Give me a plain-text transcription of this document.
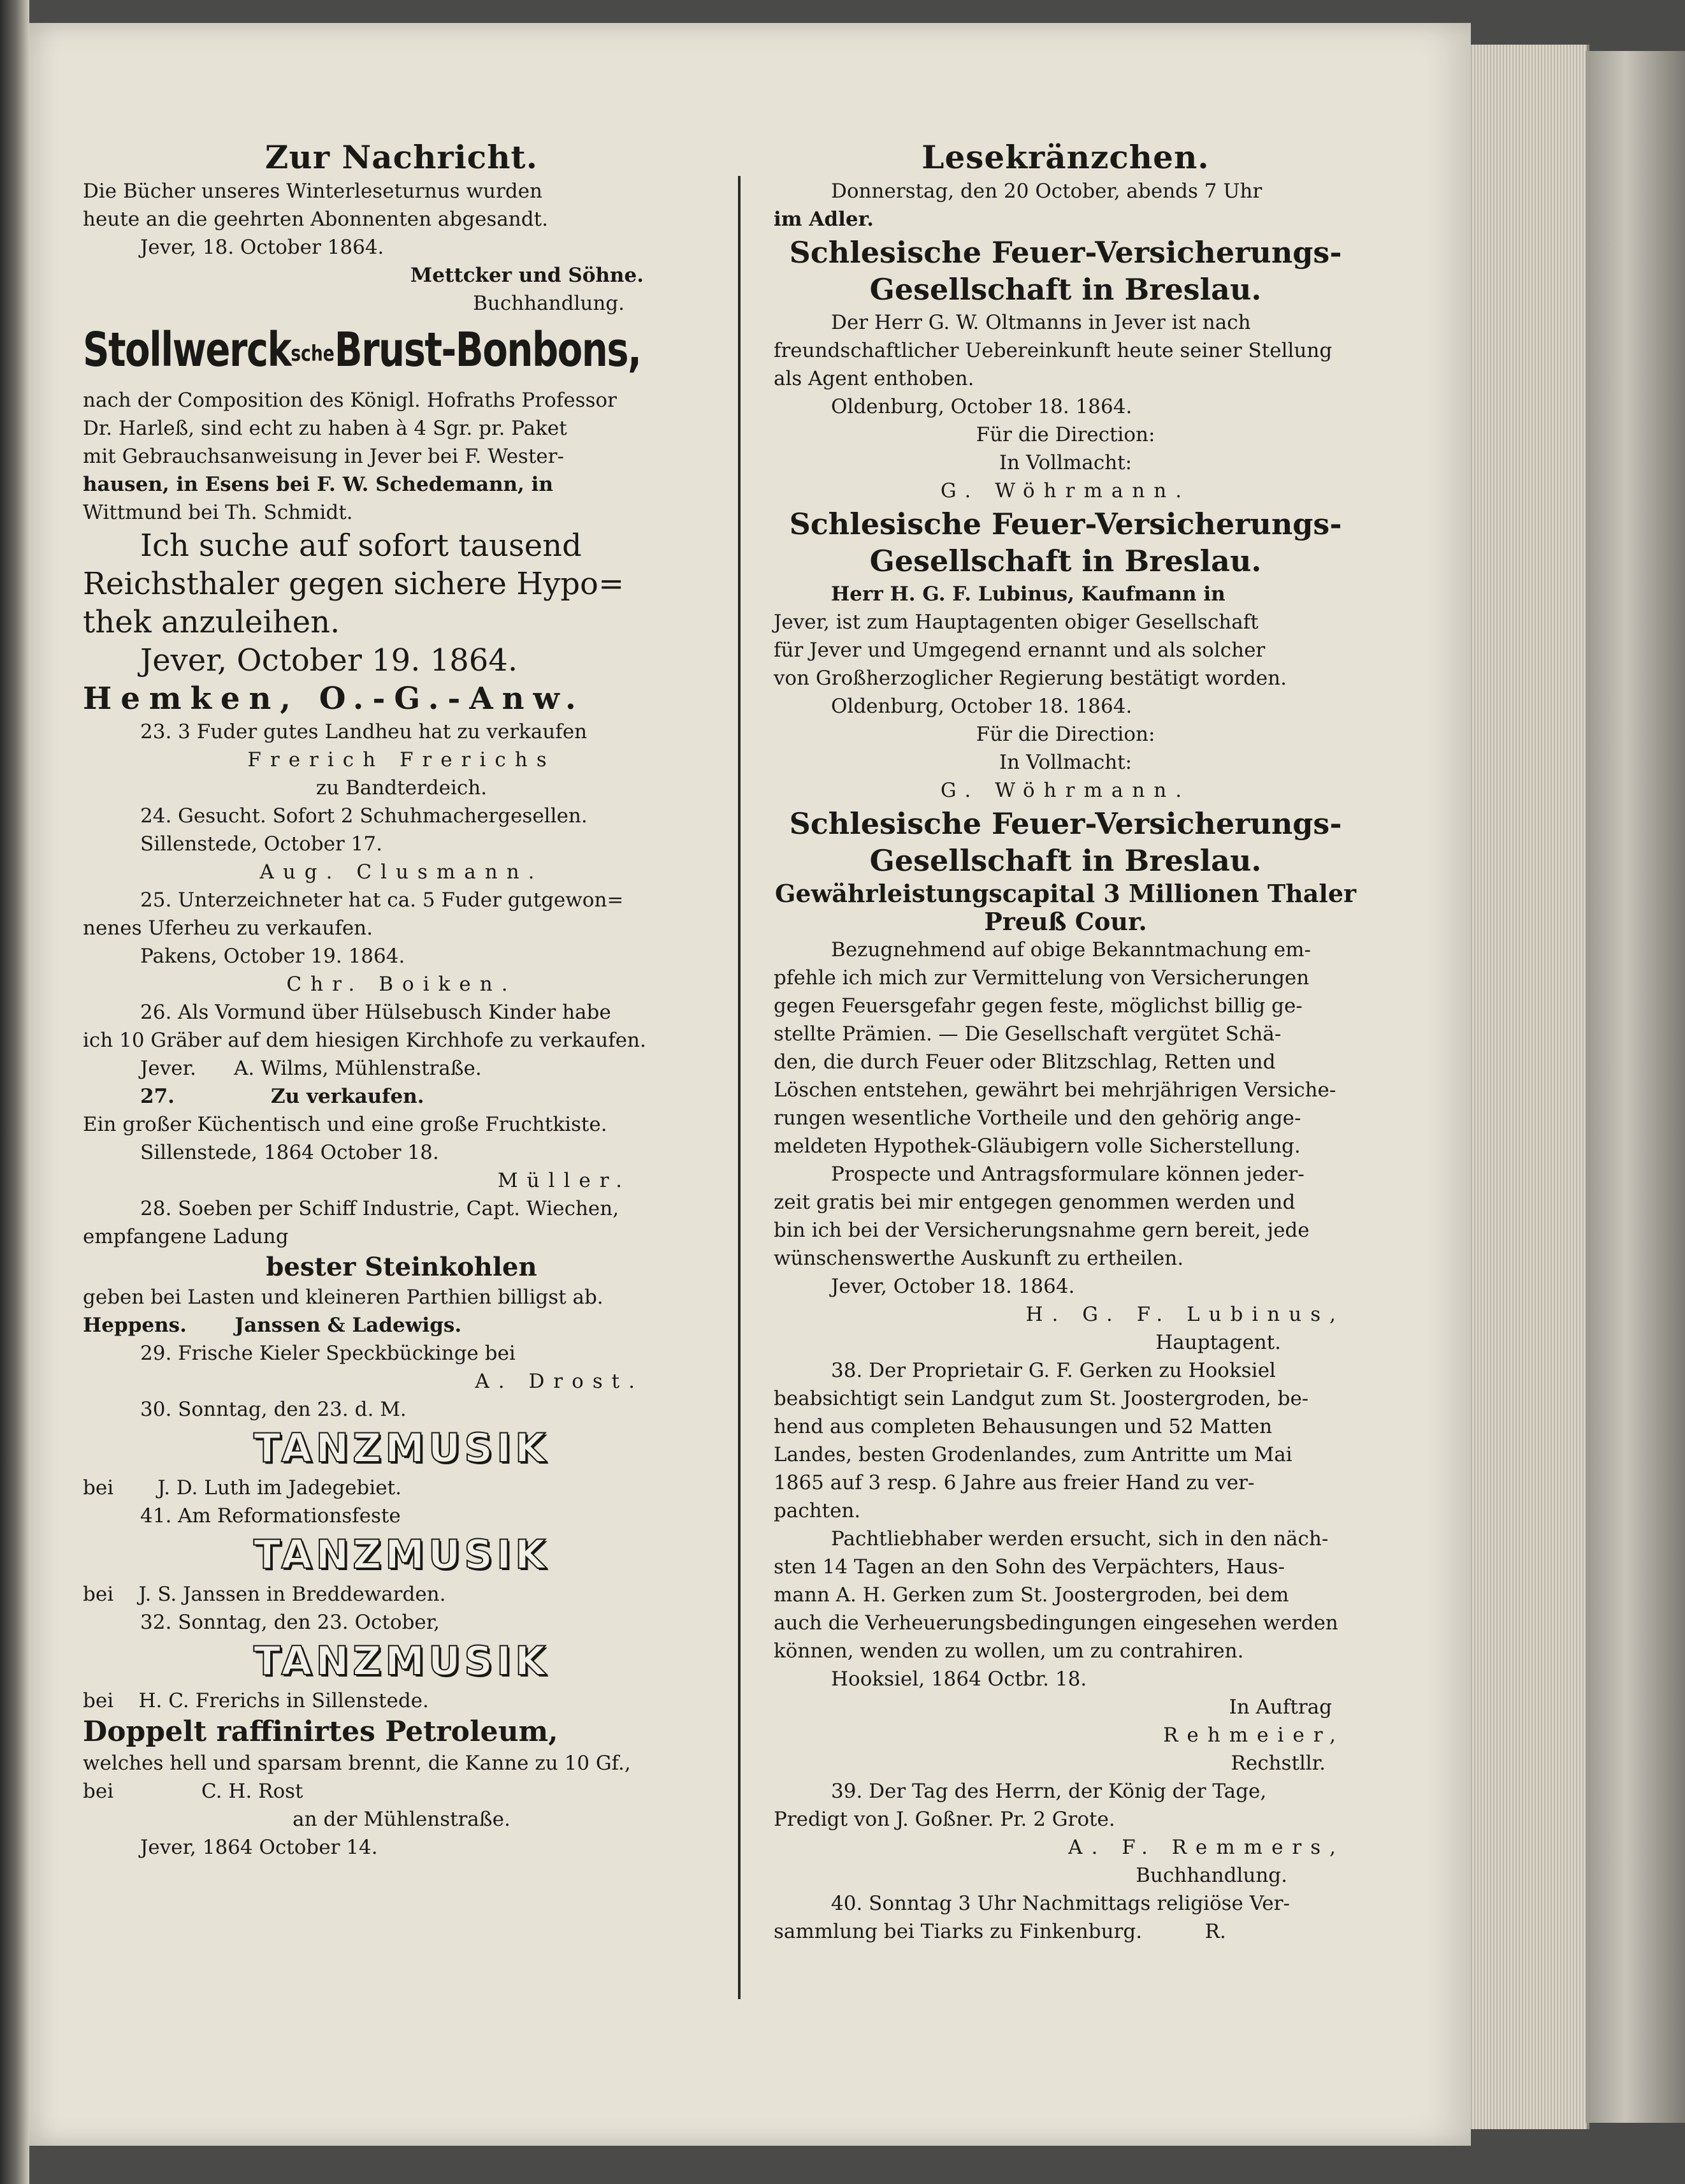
Zur Nachricht.

Die Bücher unseres Winterleseturnus wurden

heute an die geehrten Abonnenten abgesandt.

Jever, 18. October 1864.

Mettcker und Söhne.

Buchhandlung.

StollwerckscheBrust-Bonbons,

nach der Composition des Königl. Hofraths Professor

Dr. Harleß, sind echt zu haben à 4 Sgr. pr. Paket

mit Gebrauchsanweisung in Jever bei F. Wester-

hausen, in Esens bei F. W. Schedemann, in

Wittmund bei Th. Schmidt.

Ich suche auf sofort tausend

Reichsthaler gegen sichere Hypo=

thek anzuleihen.

Jever, October 19. 1864.

Hemken, O.-G.-Anw.

23. 3 Fuder gutes Landheu hat zu verkaufen

Frerich Frerichs

zu Bandterdeich.

24. Gesucht. Sofort 2 Schuhmachergesellen.

Sillenstede, October 17.

Aug. Clusmann.

25. Unterzeichneter hat ca. 5 Fuder gutgewon=

nenes Uferheu zu verkaufen.

Pakens, October 19. 1864.

Chr. Boiken.

26. Als Vormund über Hülsebusch Kinder habe

ich 10 Gräber auf dem hiesigen Kirchhofe zu verkaufen.

Jever.      A. Wilms, Mühlenstraße.

27.              Zu verkaufen.

Ein großer Küchentisch und eine große Fruchtkiste.

Sillenstede, 1864 October 18.

Müller.

28. Soeben per Schiff Industrie, Capt. Wiechen,

empfangene Ladung

bester Steinkohlen

geben bei Lasten und kleineren Parthien billigst ab.

Heppens.       Janssen & Ladewigs.

29. Frische Kieler Speckbückinge bei

A. Drost.

30. Sonntag, den 23. d. M.

TANZMUSIK

bei       J. D. Luth im Jadegebiet.

41. Am Reformationsfeste

TANZMUSIK

bei    J. S. Janssen in Breddewarden.

32. Sonntag, den 23. October,

TANZMUSIK

bei    H. C. Frerichs in Sillenstede.

Doppelt raffinirtes Petroleum,

welches hell und sparsam brennt, die Kanne zu 10 Gf.,

bei              C. H. Rost

an der Mühlenstraße.

Jever, 1864 October 14.

Lesekränzchen.

Donnerstag, den 20 October, abends 7 Uhr

im Adler.

Schlesische Feuer-Versicherungs-

Gesellschaft in Breslau.

Der Herr G. W. Oltmanns in Jever ist nach

freundschaftlicher Uebereinkunft heute seiner Stellung

als Agent enthoben.

Oldenburg, October 18. 1864.

Für die Direction:

In Vollmacht:

G. Wöhrmann.

Schlesische Feuer-Versicherungs-

Gesellschaft in Breslau.

Herr H. G. F. Lubinus, Kaufmann in

Jever, ist zum Hauptagenten obiger Gesellschaft

für Jever und Umgegend ernannt und als solcher

von Großherzoglicher Regierung bestätigt worden.

Oldenburg, October 18. 1864.

Für die Direction:

In Vollmacht:

G. Wöhrmann.

Schlesische Feuer-Versicherungs-

Gesellschaft in Breslau.

Gewährleistungscapital 3 Millionen Thaler

Preuß Cour.

Bezugnehmend auf obige Bekanntmachung em-

pfehle ich mich zur Vermittelung von Versicherungen

gegen Feuersgefahr gegen feste, möglichst billig ge-

stellte Prämien. — Die Gesellschaft vergütet Schä-

den, die durch Feuer oder Blitzschlag, Retten und

Löschen entstehen, gewährt bei mehrjährigen Versiche-

rungen wesentliche Vortheile und den gehörig ange-

meldeten Hypothek-Gläubigern volle Sicherstellung.

Prospecte und Antragsformulare können jeder-

zeit gratis bei mir entgegen genommen werden und

bin ich bei der Versicherungsnahme gern bereit, jede

wünschenswerthe Auskunft zu ertheilen.

Jever, October 18. 1864.

H. G. F. Lubinus,

Hauptagent.

38. Der Proprietair G. F. Gerken zu Hooksiel

beabsichtigt sein Landgut zum St. Joostergroden, be-

hend aus completen Behausungen und 52 Matten

Landes, besten Grodenlandes, zum Antritte um Mai

1865 auf 3 resp. 6 Jahre aus freier Hand zu ver-

pachten.

Pachtliebhaber werden ersucht, sich in den näch-

sten 14 Tagen an den Sohn des Verpächters, Haus-

mann A. H. Gerken zum St. Joostergroden, bei dem

auch die Verheuerungsbedingungen eingesehen werden

können, wenden zu wollen, um zu contrahiren.

Hooksiel, 1864 Octbr. 18.

In Auftrag

Rehmeier,

Rechstllr.

39. Der Tag des Herrn, der König der Tage,

Predigt von J. Goßner. Pr. 2 Grote.

A. F. Remmers,

Buchhandlung.

40. Sonntag 3 Uhr Nachmittags religiöse Ver-

sammlung bei Tiarks zu Finkenburg.          R.
